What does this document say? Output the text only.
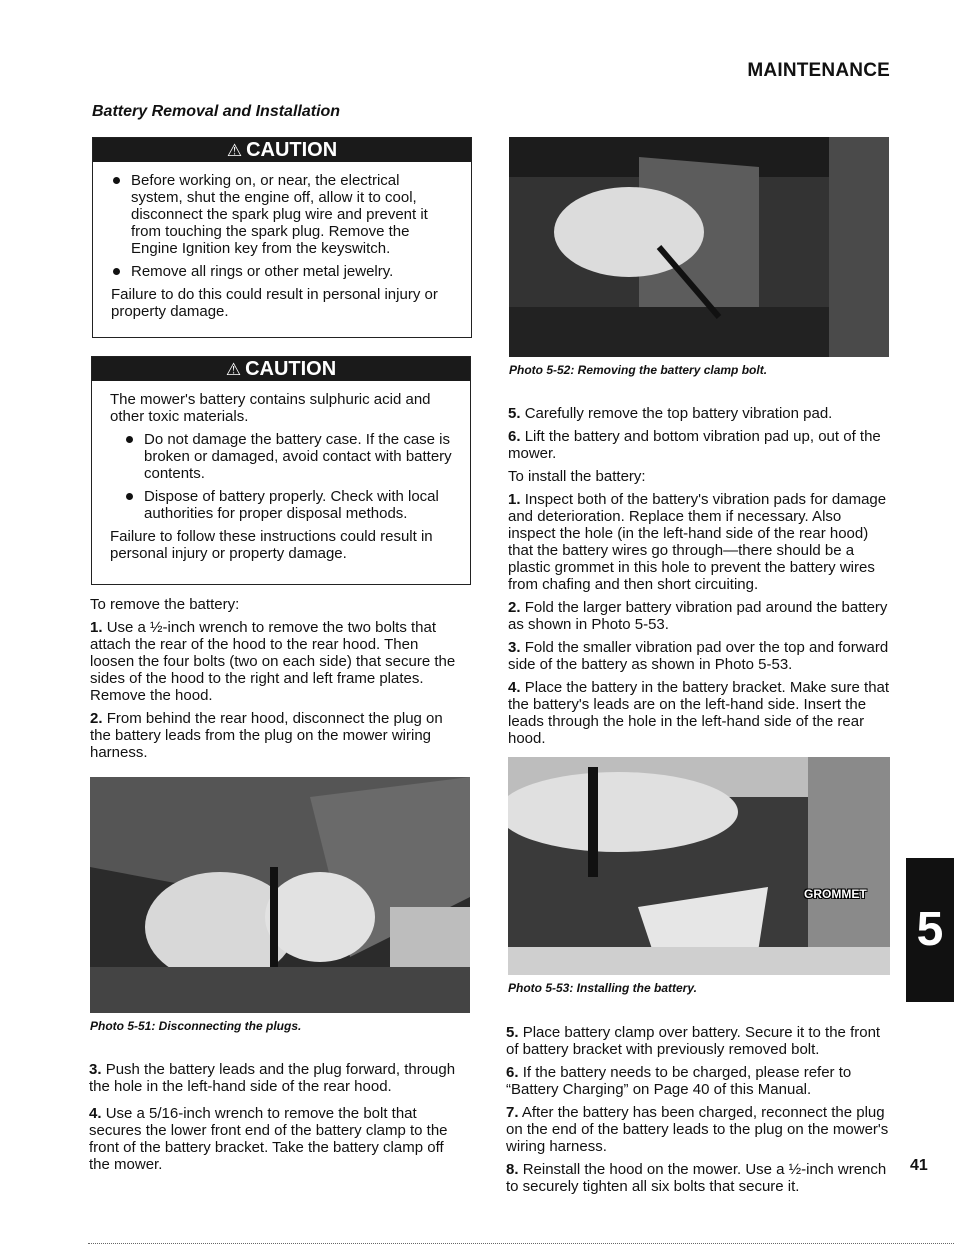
MAINTENANCE
Battery Removal and Installation
⚠ CAUTION
Before working on, or near, the electrical system, shut the engine off, allow it to cool, disconnect the spark plug wire and prevent it from touching the spark plug. Remove the Engine Ignition key from the keyswitch.
Remove all rings or other metal jewelry.

Failure to do this could result in personal injury or property damage.

⚠ CAUTION

The mower's battery contains sulphuric acid and other toxic materials.

Do not damage the battery case. If the case is broken or damaged, avoid contact with battery contents.
Dispose of battery properly. Check with local authorities for proper disposal methods.

Failure to follow these instructions could result in personal injury or property damage.

To remove the battery:

1. Use a ½-inch wrench to remove the two bolts that attach the rear of the hood to the rear hood. Then loosen the four bolts (two on each side) that secure the sides of the hood to the right and left frame plates. Remove the hood.

2. From behind the rear hood, disconnect the plug on the battery leads from the plug on the mower wiring harness.

Photo 5-51: Disconnecting the plugs.

3. Push the battery leads and the plug forward, through the hole in the left-hand side of the rear hood.

4. Use a 5/16-inch wrench to remove the bolt that secures the lower front end of the battery clamp to the front of the battery bracket. Take the battery clamp off the mower.

Photo 5-52: Removing the battery clamp bolt.

5. Carefully remove the top battery vibration pad.

6. Lift the battery and bottom vibration pad up, out of the mower.

To install the battery:

1. Inspect both of the battery's vibration pads for damage and deterioration. Replace them if necessary. Also inspect the hole (in the left-hand side of the rear hood) that the battery wires go through—there should be a plastic grommet in this hole to prevent the battery wires from chafing and then short circuiting.

2. Fold the larger battery vibration pad around the battery as shown in Photo 5-53.

3. Fold the smaller vibration pad over the top and forward side of the battery as shown in Photo 5-53.

4. Place the battery in the battery bracket. Make sure that the battery's leads are on the left-hand side. Insert the leads through the hole in the left-hand side of the rear hood.

GROMMET
Photo 5-53: Installing the battery.

5. Place battery clamp over battery. Secure it to the front of battery bracket with previously removed bolt.

6. If the battery needs to be charged, please refer to “Battery Charging” on Page 40 of this Manual.

7. After the battery has been charged, reconnect the plug on the end of the battery leads to the plug on the mower's wiring harness.

8. Reinstall the hood on the mower. Use a ½-inch wrench to securely tighten all six bolts that secure it.

5
41
